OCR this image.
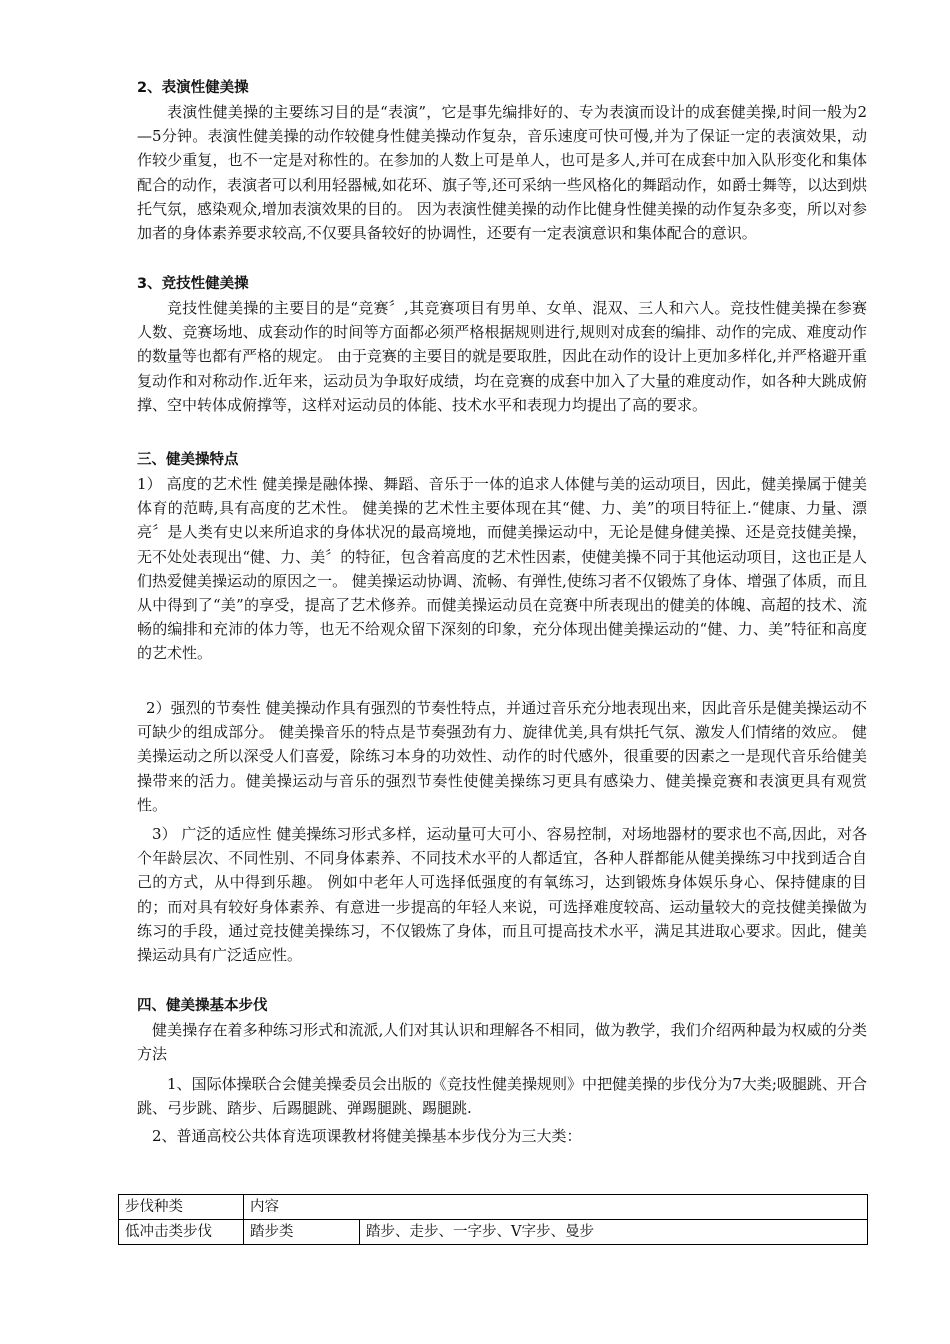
2、表演性健美操

表演性健美操的主要练习目的是“表演”，它是事先编排好的、专为表演而设计的成套健美操,时间一般为2—5分钟。表演性健美操的动作较健身性健美操动作复杂，音乐速度可快可慢,并为了保证一定的表演效果，动作较少重复，也不一定是对称性的。在参加的人数上可是单人，也可是多人,并可在成套中加入队形变化和集体配合的动作，表演者可以利用轻器械,如花环、旗子等,还可采纳一些风格化的舞蹈动作，如爵士舞等，以达到烘托气氛，感染观众,增加表演效果的目的。 因为表演性健美操的动作比健身性健美操的动作复杂多变，所以对参加者的身体素养要求较高,不仅要具备较好的协调性，还要有一定表演意识和集体配合的意识。

3、竞技性健美操

竞技性健美操的主要目的是“竞赛〞,其竞赛项目有男单、女单、混双、三人和六人。竞技性健美操在参赛人数、竞赛场地、成套动作的时间等方面都必须严格根据规则进行,规则对成套的编排、动作的完成、难度动作的数量等也都有严格的规定。 由于竞赛的主要目的就是要取胜，因此在动作的设计上更加多样化,并严格避开重复动作和对称动作.近年来，运动员为争取好成绩，均在竞赛的成套中加入了大量的难度动作，如各种大跳成俯撑、空中转体成俯撑等，这样对运动员的体能、技术水平和表现力均提出了高的要求。

三、健美操特点

1） 高度的艺术性 健美操是融体操、舞蹈、音乐于一体的追求人体健与美的运动项目，因此，健美操属于健美体育的范畴,具有高度的艺术性。 健美操的艺术性主要体现在其“健、力、美”的项目特征上.“健康、力量、漂亮〞是人类有史以来所追求的身体状况的最高境地，而健美操运动中，无论是健身健美操、还是竞技健美操，无不处处表现出“健、力、美〞的特征，包含着高度的艺术性因素，使健美操不同于其他运动项目，这也正是人们热爱健美操运动的原因之一。 健美操运动协调、流畅、有弹性,使练习者不仅锻炼了身体、增强了体质，而且从中得到了“美”的享受，提高了艺术修养。而健美操运动员在竞赛中所表现出的健美的体魄、高超的技术、流畅的编排和充沛的体力等，也无不给观众留下深刻的印象，充分体现出健美操运动的“健、力、美”特征和高度的艺术性。

2）强烈的节奏性 健美操动作具有强烈的节奏性特点，并通过音乐充分地表现出来，因此音乐是健美操运动不可缺少的组成部分。 健美操音乐的特点是节奏强劲有力、旋律优美,具有烘托气氛、激发人们情绪的效应。 健美操运动之所以深受人们喜爱，除练习本身的功效性、动作的时代感外，很重要的因素之一是现代音乐给健美操带来的活力。健美操运动与音乐的强烈节奏性使健美操练习更具有感染力、健美操竞赛和表演更具有观赏性。

3） 广泛的适应性 健美操练习形式多样，运动量可大可小、容易控制，对场地器材的要求也不高,因此，对各个年龄层次、不同性别、不同身体素养、不同技术水平的人都适宜，各种人群都能从健美操练习中找到适合自己的方式，从中得到乐趣。 例如中老年人可选择低强度的有氧练习，达到锻炼身体娱乐身心、保持健康的目的；而对具有较好身体素养、有意进一步提高的年轻人来说，可选择难度较高、运动量较大的竞技健美操做为练习的手段，通过竞技健美操练习，不仅锻炼了身体，而且可提高技术水平，满足其进取心要求。因此，健美操运动具有广泛适应性。

四、健美操基本步伐

健美操存在着多种练习形式和流派,人们对其认识和理解各不相同，做为教学，我们介绍两种最为权威的分类方法

1、国际体操联合会健美操委员会出版的《竞技性健美操规则》中把健美操的步伐分为7大类;吸腿跳、开合跳、弓步跳、踏步、后踢腿跳、弹踢腿跳、踢腿跳.

2、普通高校公共体育选项课教材将健美操基本步伐分为三大类：

步伐种类	内容	
低冲击类步伐	踏步类	踏步、走步、一字步、V字步、曼步
